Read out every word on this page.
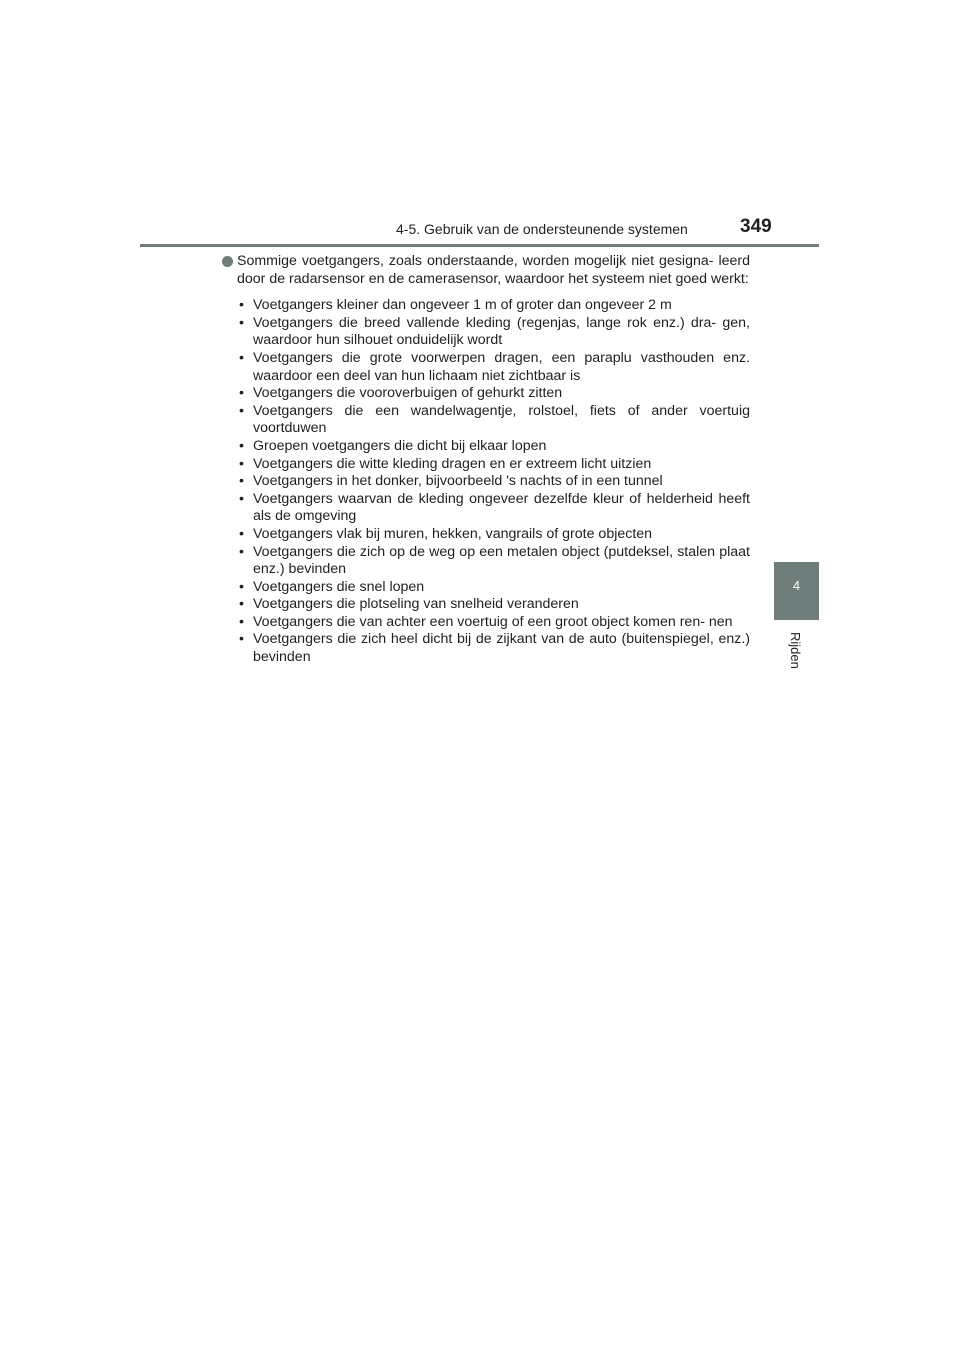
4-5. Gebruik van de ondersteunende systemen	349
4
Rijden
Sommige voetgangers, zoals onderstaande, worden mogelijk niet gesigna- leerd door de radarsensor en de camerasensor, waardoor het systeem niet goed werkt:
• Voetgangers kleiner dan ongeveer 1 m of groter dan ongeveer 2 m
• Voetgangers die breed vallende kleding (regenjas, lange rok enz.) dra- gen, waardoor hun silhouet onduidelijk wordt
• Voetgangers die grote voorwerpen dragen, een paraplu vasthouden enz. waardoor een deel van hun lichaam niet zichtbaar is
• Voetgangers die vooroverbuigen of gehurkt zitten
• Voetgangers die een wandelwagentje, rolstoel, fiets of ander voertuig voortduwen
• Groepen voetgangers die dicht bij elkaar lopen
• Voetgangers die witte kleding dragen en er extreem licht uitzien
• Voetgangers in het donker, bijvoorbeeld 's nachts of in een tunnel
• Voetgangers waarvan de kleding ongeveer dezelfde kleur of helderheid heeft als de omgeving
• Voetgangers vlak bij muren, hekken, vangrails of grote objecten
• Voetgangers die zich op de weg op een metalen object (putdeksel, stalen plaat enz.) bevinden
• Voetgangers die snel lopen
• Voetgangers die plotseling van snelheid veranderen
• Voetgangers die van achter een voertuig of een groot object komen ren- nen
• Voetgangers die zich heel dicht bij de zijkant van de auto (buitenspiegel, enz.) bevinden
